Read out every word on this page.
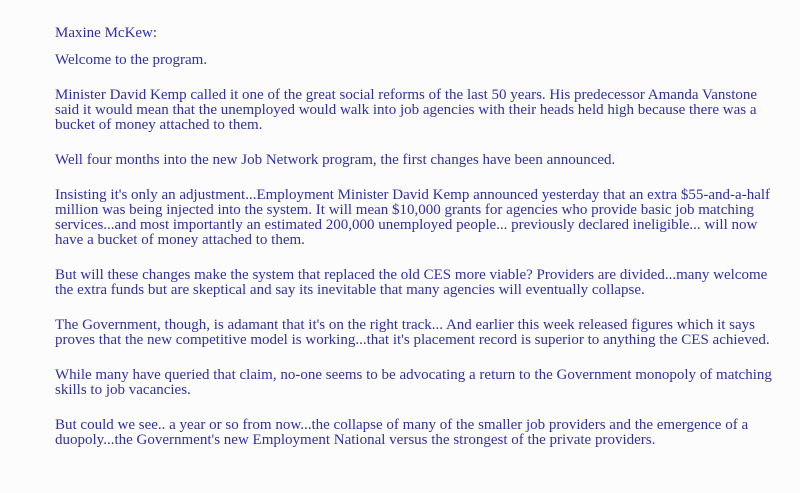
Maxine McKew:

Welcome to the program.

Minister David Kemp called it one of the great social reforms of the last 50 years. His predecessor Amanda Vanstone said it would mean that the unemployed would walk into job agencies with their heads held high because there was a bucket of money attached to them.

Well four months into the new Job Network program, the first changes have been announced.

Insisting it's only an adjustment...Employment Minister David Kemp announced yesterday that an extra $55-and-a-half million was being injected into the system. It will mean $10,000 grants for agencies who provide basic job matching services...and most importantly an estimated 200,000 unemployed people... previously declared ineligible... will now have a bucket of money attached to them.

But will these changes make the system that replaced the old CES more viable? Providers are divided...many welcome the extra funds but are skeptical and say its inevitable that many agencies will eventually collapse.

The Government, though, is adamant that it's on the right track... And earlier this week released figures which it says proves that the new competitive model is working...that it's placement record is superior to anything the CES achieved.

While many have queried that claim, no-one seems to be advocating a return to the Government monopoly of matching skills to job vacancies.

But could we see.. a year or so from now...the collapse of many of the smaller job providers and the emergence of a duopoly...the Government's new Employment National versus the strongest of the private providers.
